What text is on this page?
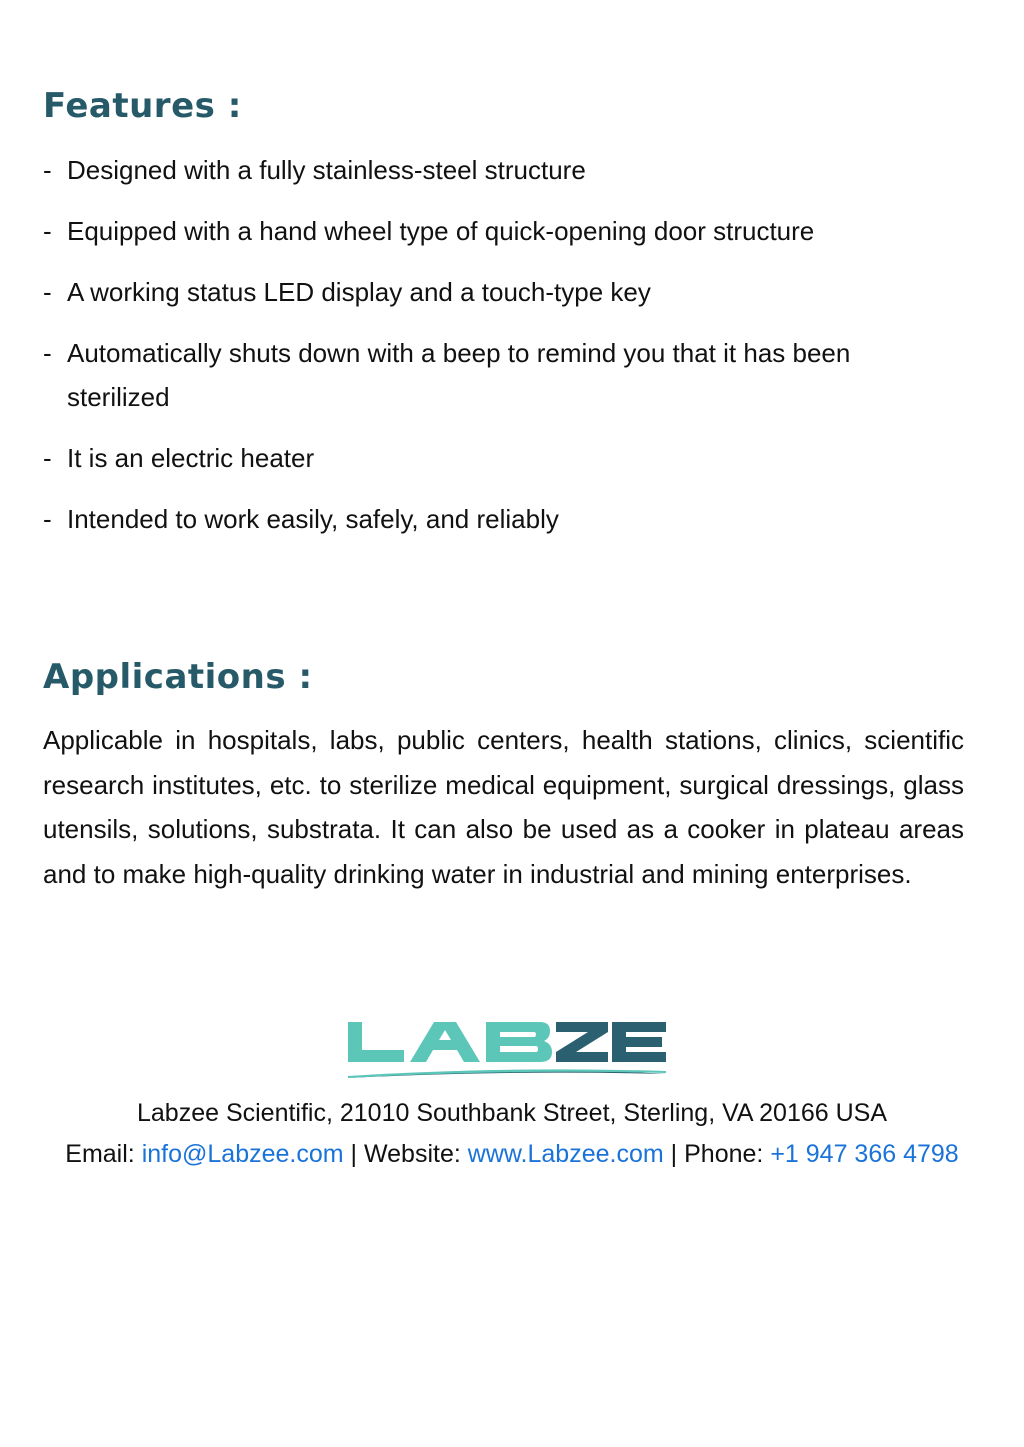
Features :
- Designed with a fully stainless-steel structure
- Equipped with a hand wheel type of quick-opening door structure
- A working status LED display and a touch-type key
- Automatically shuts down with a beep to remind you that it has been sterilized
- It is an electric heater
- Intended to work easily, safely, and reliably
Applications :

Applicable in hospitals, labs, public centers, health stations, clinics, scientific research institutes, etc. to sterilize medical equipment, surgical dressings, glass utensils, solutions, substrata. It can also be used as a cooker in plateau areas and to make high-quality drinking water in industrial and mining enterprises.

Labzee Scientific, 21010 Southbank Street, Sterling, VA 20166 USA
Email: info@Labzee.com | Website: www.Labzee.com | Phone: +1 947 366 4798
